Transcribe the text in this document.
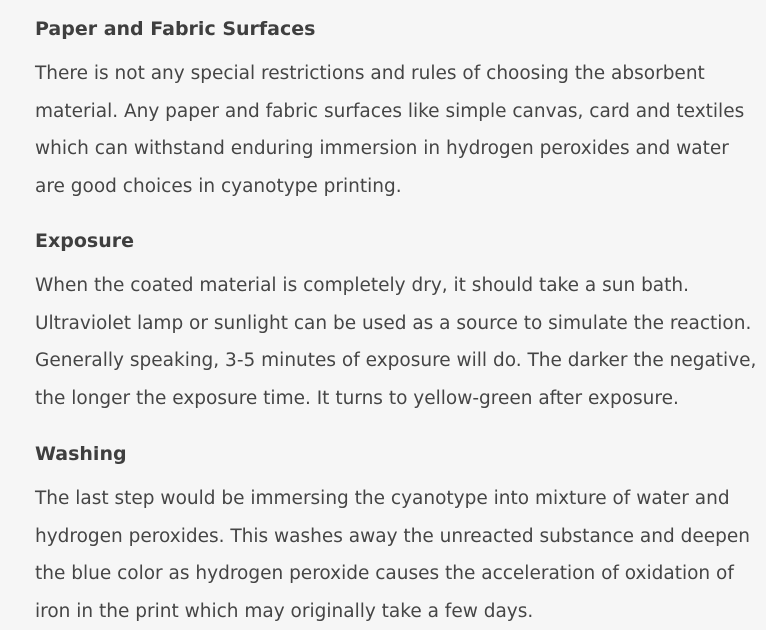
Paper and Fabric Surfaces

There is not any special restrictions and rules of choosing the absorbent
material. Any paper and fabric surfaces like simple canvas, card and textiles
which can withstand enduring immersion in hydrogen peroxides and water
are good choices in cyanotype printing.

Exposure

When the coated material is completely dry, it should take a sun bath.
Ultraviolet lamp or sunlight can be used as a source to simulate the reaction.
Generally speaking, 3-5 minutes of exposure will do. The darker the negative,
the longer the exposure time. It turns to yellow-green after exposure.

Washing

The last step would be immersing the cyanotype into mixture of water and
hydrogen peroxides. This washes away the unreacted substance and deepen
the blue color as hydrogen peroxide causes the acceleration of oxidation of
iron in the print which may originally take a few days.
